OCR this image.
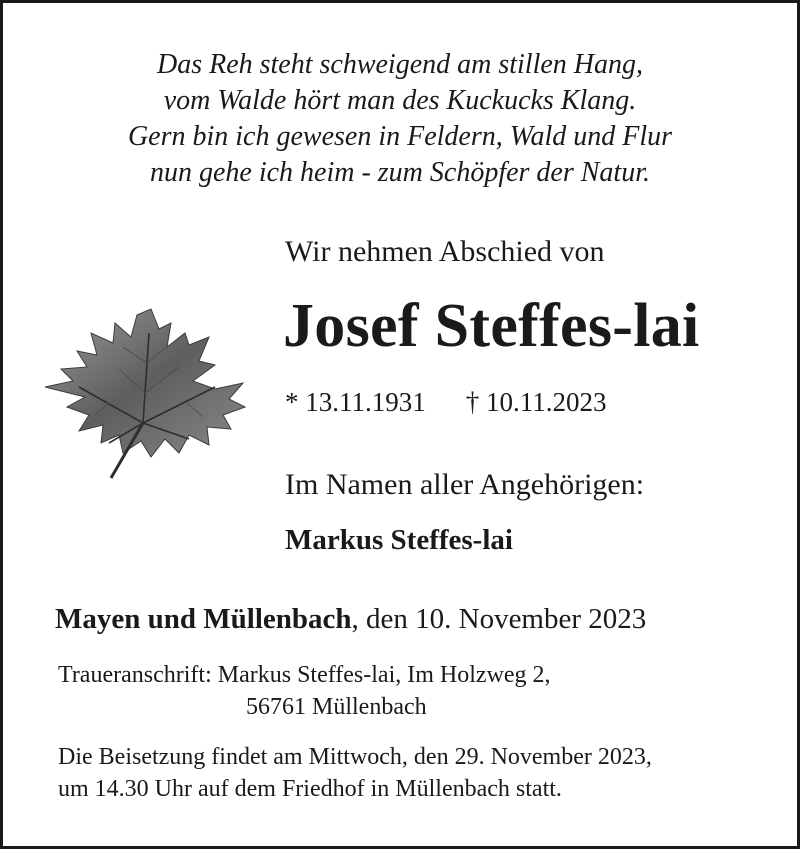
Das Reh steht schweigend am stillen Hang,
vom Walde hört man des Kuckucks Klang.
Gern bin ich gewesen in Feldern, Wald und Flur
nun gehe ich heim - zum Schöpfer der Natur.
Wir nehmen Abschied von
Josef Steffes-lai
* 13.11.1931 † 10.11.2023
Im Namen aller Angehörigen:
Markus Steffes-lai
Mayen und Müllenbach, den 10. November 2023
Traueranschrift: Markus Steffes-lai, Im Holzweg 2,
56761 Müllenbach
Die Beisetzung findet am Mittwoch, den 29. November 2023,
um 14.30 Uhr auf dem Friedhof in Müllenbach statt.
